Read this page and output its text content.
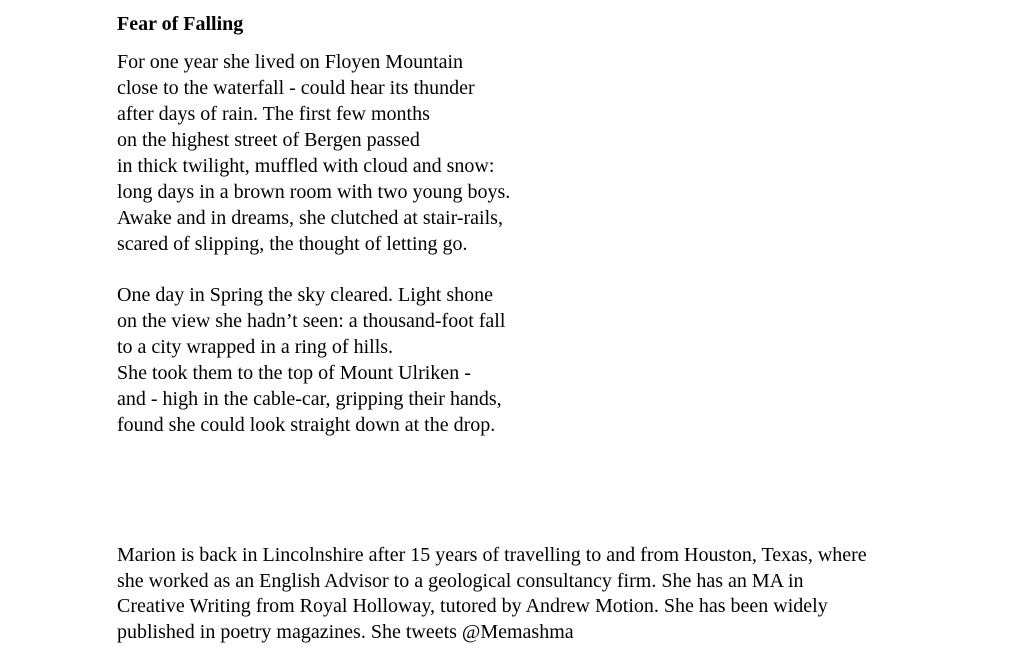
Fear of Falling
For one year she lived on Floyen Mountain
close to the waterfall - could hear its thunder
after days of rain. The first few months
on the highest street of Bergen passed
in thick twilight, muffled with cloud and snow:
long days in a brown room with two young boys.
Awake and in dreams, she clutched at stair-rails,
scared of slipping, the thought of letting go.
One day in Spring the sky cleared. Light shone
on the view she hadn’t seen: a thousand-foot fall
to a city wrapped in a ring of hills.
She took them to the top of Mount Ulriken -
and - high in the cable-car, gripping their hands,
found she could look straight down at the drop.
Marion is back in Lincolnshire after 15 years of travelling to and from Houston, Texas, where
she worked as an English Advisor to a geological consultancy firm. She has an MA in
Creative Writing from Royal Holloway, tutored by Andrew Motion. She has been widely
published in poetry magazines. She tweets @Memashma
